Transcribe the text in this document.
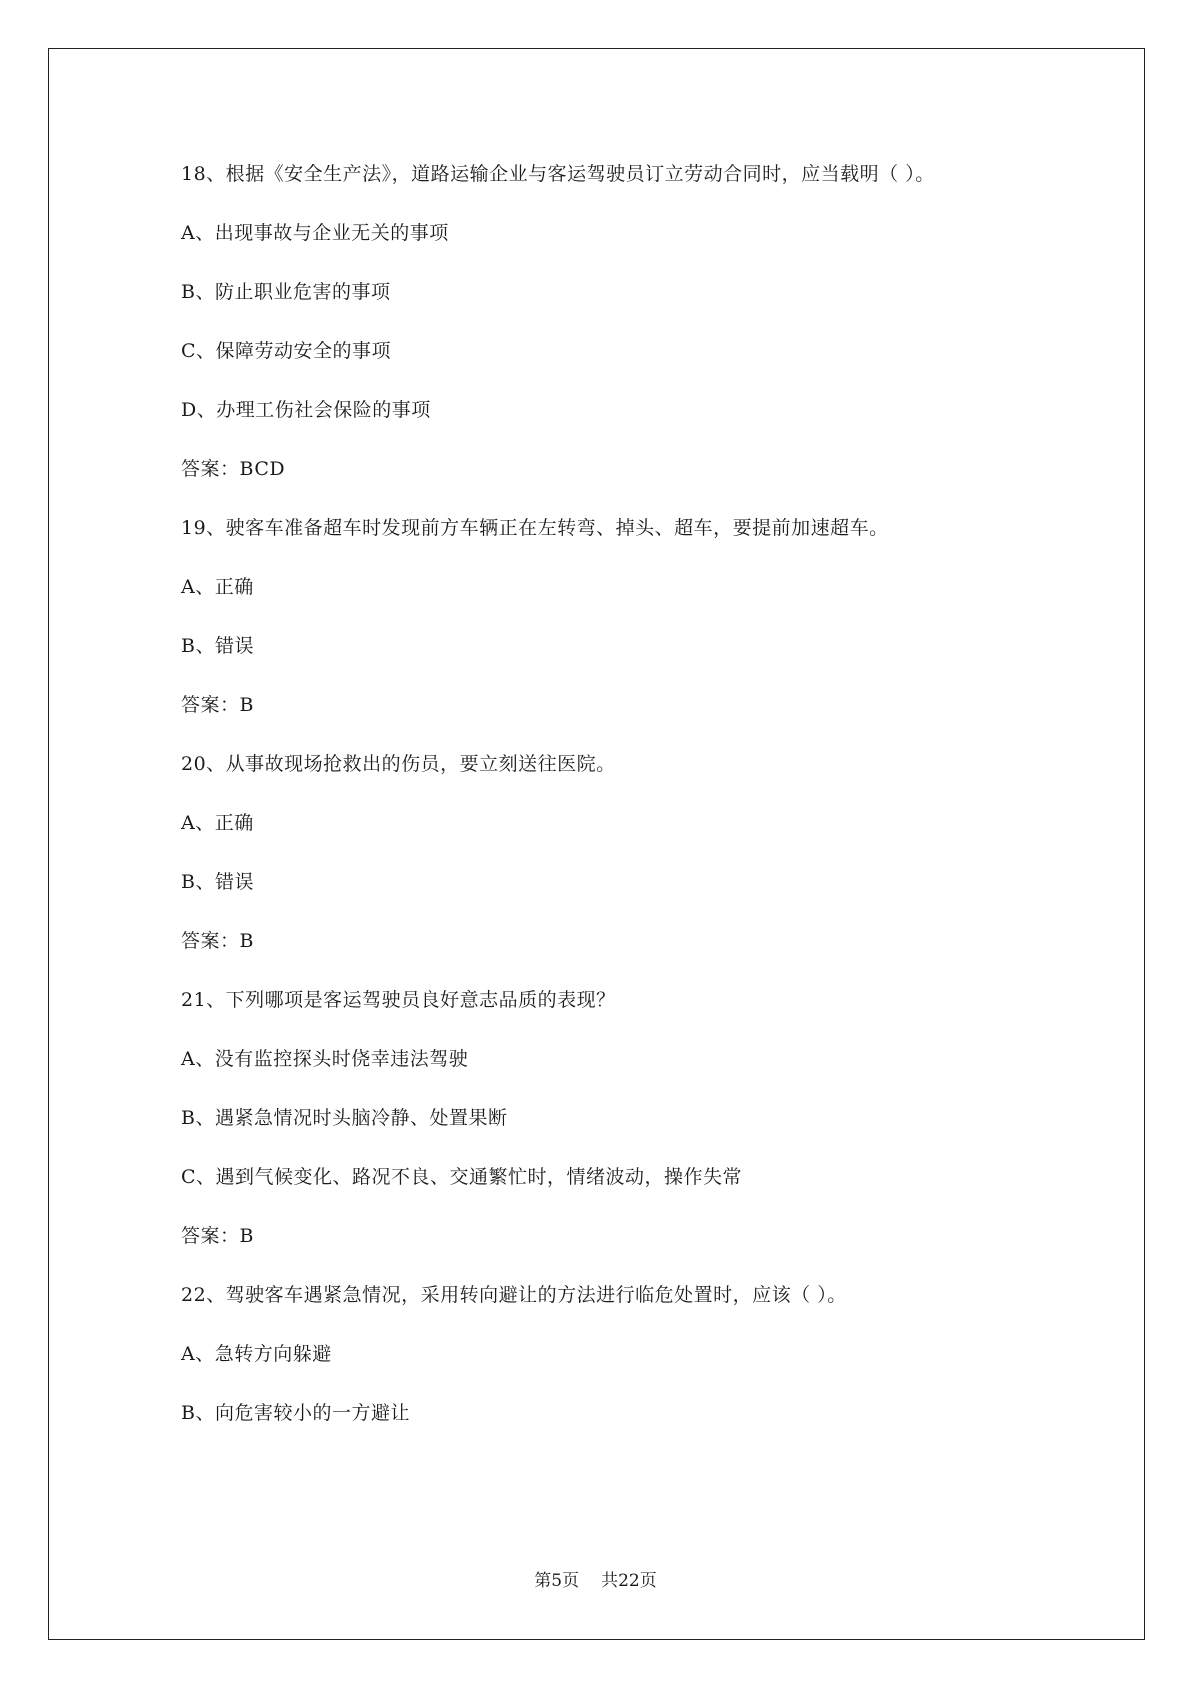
18、根据《安全生产法》，道路运输企业与客运驾驶员订立劳动合同时，应当载明（ ）。
A、出现事故与企业无关的事项
B、防止职业危害的事项
C、保障劳动安全的事项
D、办理工伤社会保险的事项
答案：BCD
19、驶客车准备超车时发现前方车辆正在左转弯、掉头、超车，要提前加速超车。
A、正确
B、错误
答案：B
20、从事故现场抢救出的伤员，要立刻送往医院。
A、正确
B、错误
答案：B
21、下列哪项是客运驾驶员良好意志品质的表现？
A、没有监控探头时侥幸违法驾驶
B、遇紧急情况时头脑冷静、处置果断
C、遇到气候变化、路况不良、交通繁忙时，情绪波动，操作失常
答案：B
22、驾驶客车遇紧急情况，采用转向避让的方法进行临危处置时，应该（ ）。
A、急转方向躲避
B、向危害较小的一方避让
第5页 共22页
